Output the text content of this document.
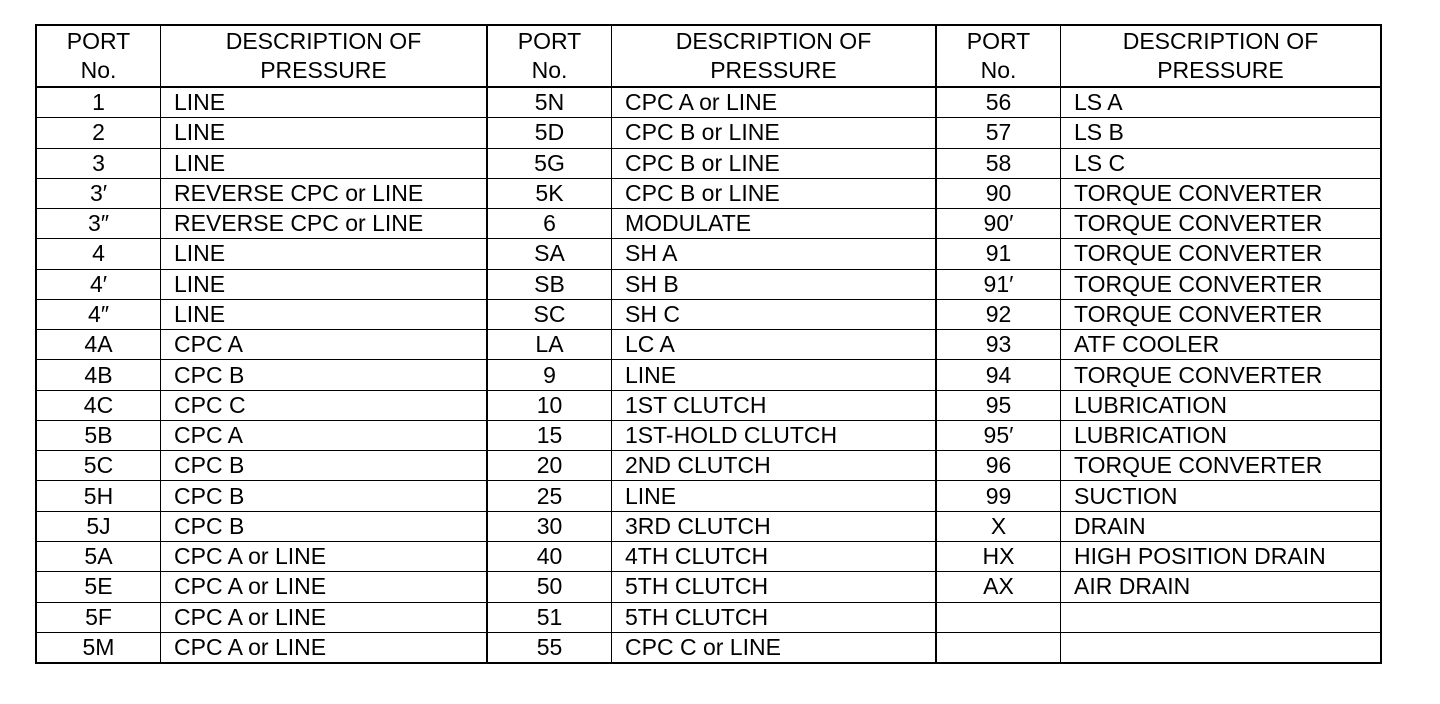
PORT
No.
DESCRIPTION OF
PRESSURE
1	LINE
2	LINE
3	LINE
3′	REVERSE CPC or LINE
3″	REVERSE CPC or LINE
4	LINE
4′	LINE
4″	LINE
4A	CPC A
4B	CPC B
4C	CPC C
5B	CPC A
5C	CPC B
5H	CPC B
5J	CPC B
5A	CPC A or LINE
5E	CPC A or LINE
5F	CPC A or LINE
5M	CPC A or LINE
PORT
No.
DESCRIPTION OF
PRESSURE
5N	CPC A or LINE
5D	CPC B or LINE
5G	CPC B or LINE
5K	CPC B or LINE
6	MODULATE
SA	SH A
SB	SH B
SC	SH C
LA	LC A
9	LINE
10	1ST CLUTCH
15	1ST-HOLD CLUTCH
20	2ND CLUTCH
25	LINE
30	3RD CLUTCH
40	4TH CLUTCH
50	5TH CLUTCH
51	5TH CLUTCH
55	CPC C or LINE
PORT
No.
DESCRIPTION OF
PRESSURE
56	LS A
57	LS B
58	LS C
90	TORQUE CONVERTER
90′	TORQUE CONVERTER
91	TORQUE CONVERTER
91′	TORQUE CONVERTER
92	TORQUE CONVERTER
93	ATF COOLER
94	TORQUE CONVERTER
95	LUBRICATION
95′	LUBRICATION
96	TORQUE CONVERTER
99	SUCTION
X	DRAIN
HX	HIGH POSITION DRAIN
AX	AIR DRAIN
